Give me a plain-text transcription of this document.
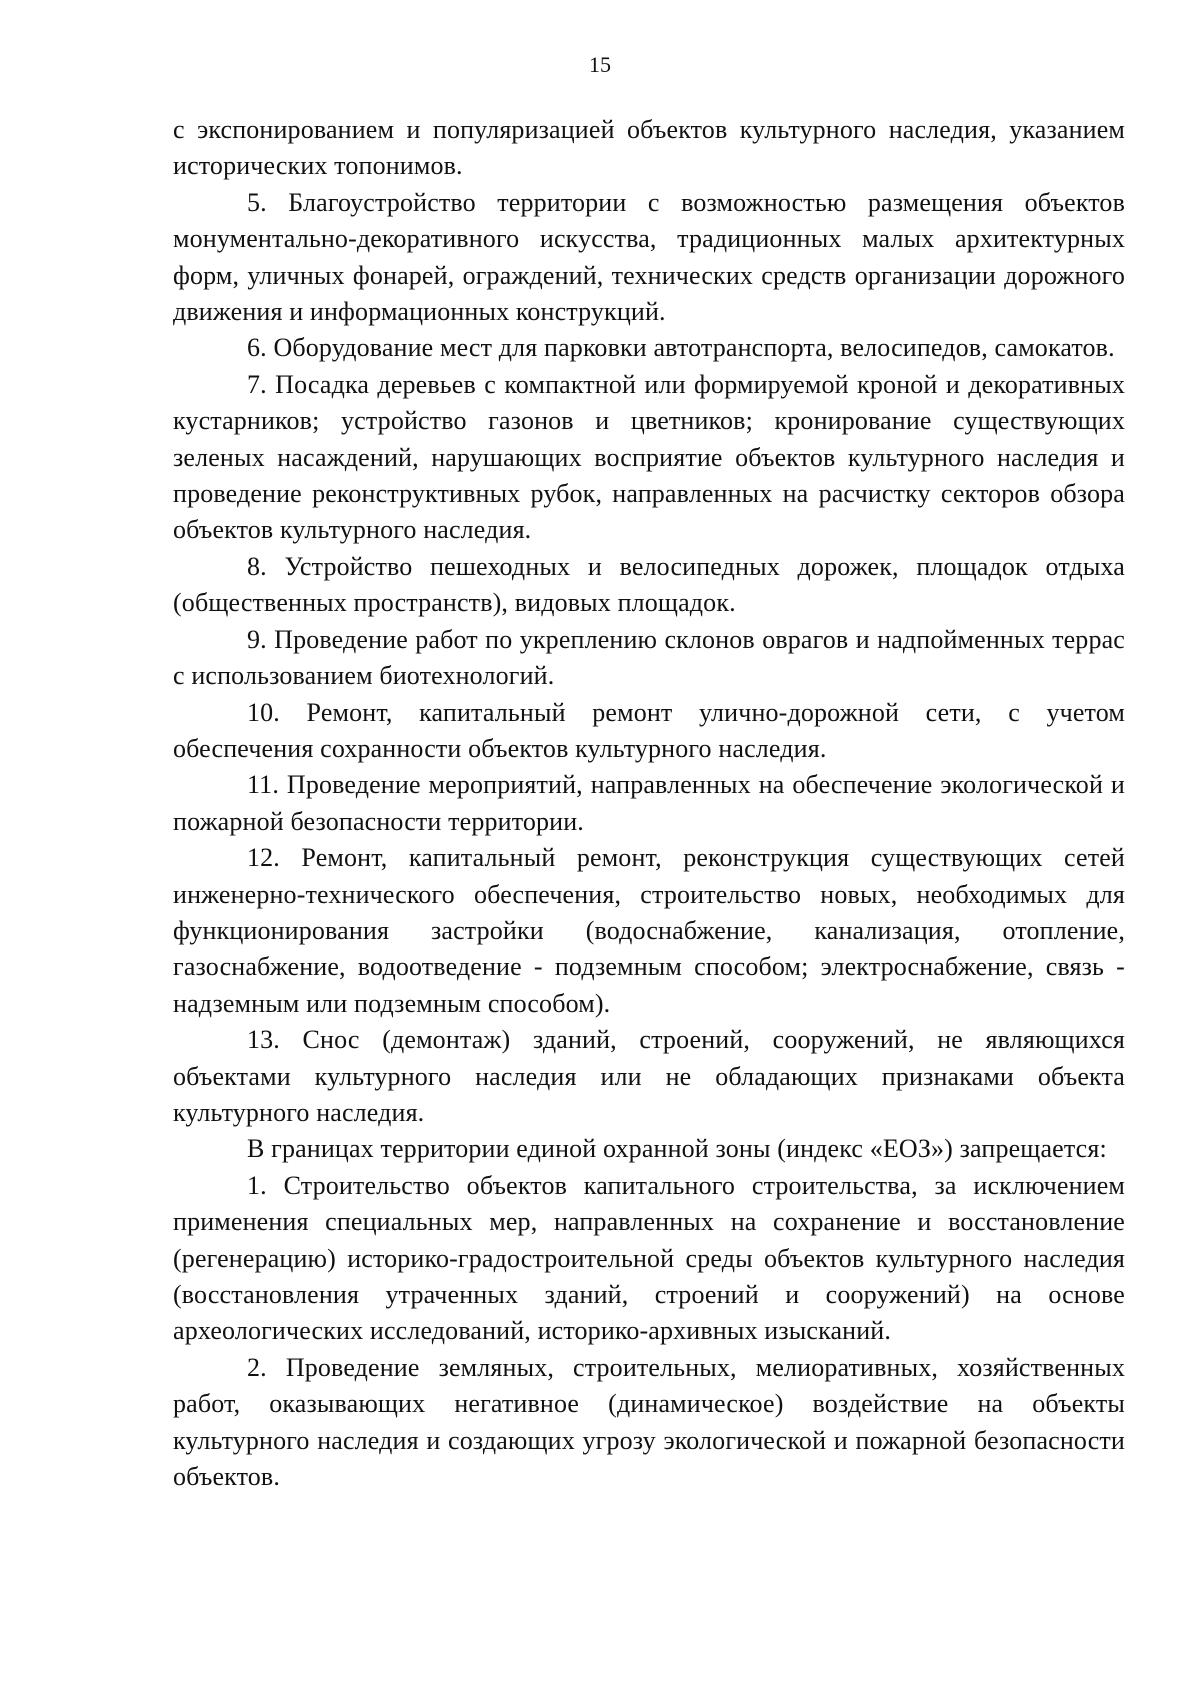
15

с экспонированием и популяризацией объектов культурного наследия, указанием исторических топонимов.

5. Благоустройство территории с возможностью размещения объектов монументально-декоративного искусства, традиционных малых архитектурных форм, уличных фонарей, ограждений, технических средств организации дорожного движения и информационных конструкций.

6. Оборудование мест для парковки автотранспорта, велосипедов, самокатов.

7. Посадка деревьев с компактной или формируемой кроной и декоративных кустарников; устройство газонов и цветников; кронирование существующих зеленых насаждений, нарушающих восприятие объектов культурного наследия и проведение реконструктивных рубок, направленных на расчистку секторов обзора объектов культурного наследия.

8. Устройство пешеходных и велосипедных дорожек, площадок отдыха (общественных пространств), видовых площадок.

9. Проведение работ по укреплению склонов оврагов и надпойменных террас с использованием биотехнологий.

10. Ремонт, капитальный ремонт улично-дорожной сети, с учетом обеспечения сохранности объектов культурного наследия.

11. Проведение мероприятий, направленных на обеспечение экологической и пожарной безопасности территории.

12. Ремонт, капитальный ремонт, реконструкция существующих сетей инженерно-технического обеспечения, строительство новых, необходимых для функционирования застройки (водоснабжение, канализация, отопление, газоснабжение, водоотведение - подземным способом; электроснабжение, связь - надземным или подземным способом).

13. Снос (демонтаж) зданий, строений, сооружений, не являющихся объектами культурного наследия или не обладающих признаками объекта культурного наследия.

В границах территории единой охранной зоны (индекс «ЕОЗ») запрещается:

1. Строительство объектов капитального строительства, за исключением применения специальных мер, направленных на сохранение и восстановление (регенерацию) историко-градостроительной среды объектов культурного наследия (восстановления утраченных зданий, строений и сооружений) на основе археологических исследований, историко-архивных изысканий.

2. Проведение земляных, строительных, мелиоративных, хозяйственных работ, оказывающих негативное (динамическое) воздействие на объекты культурного наследия и создающих угрозу экологической и пожарной безопасности объектов.
